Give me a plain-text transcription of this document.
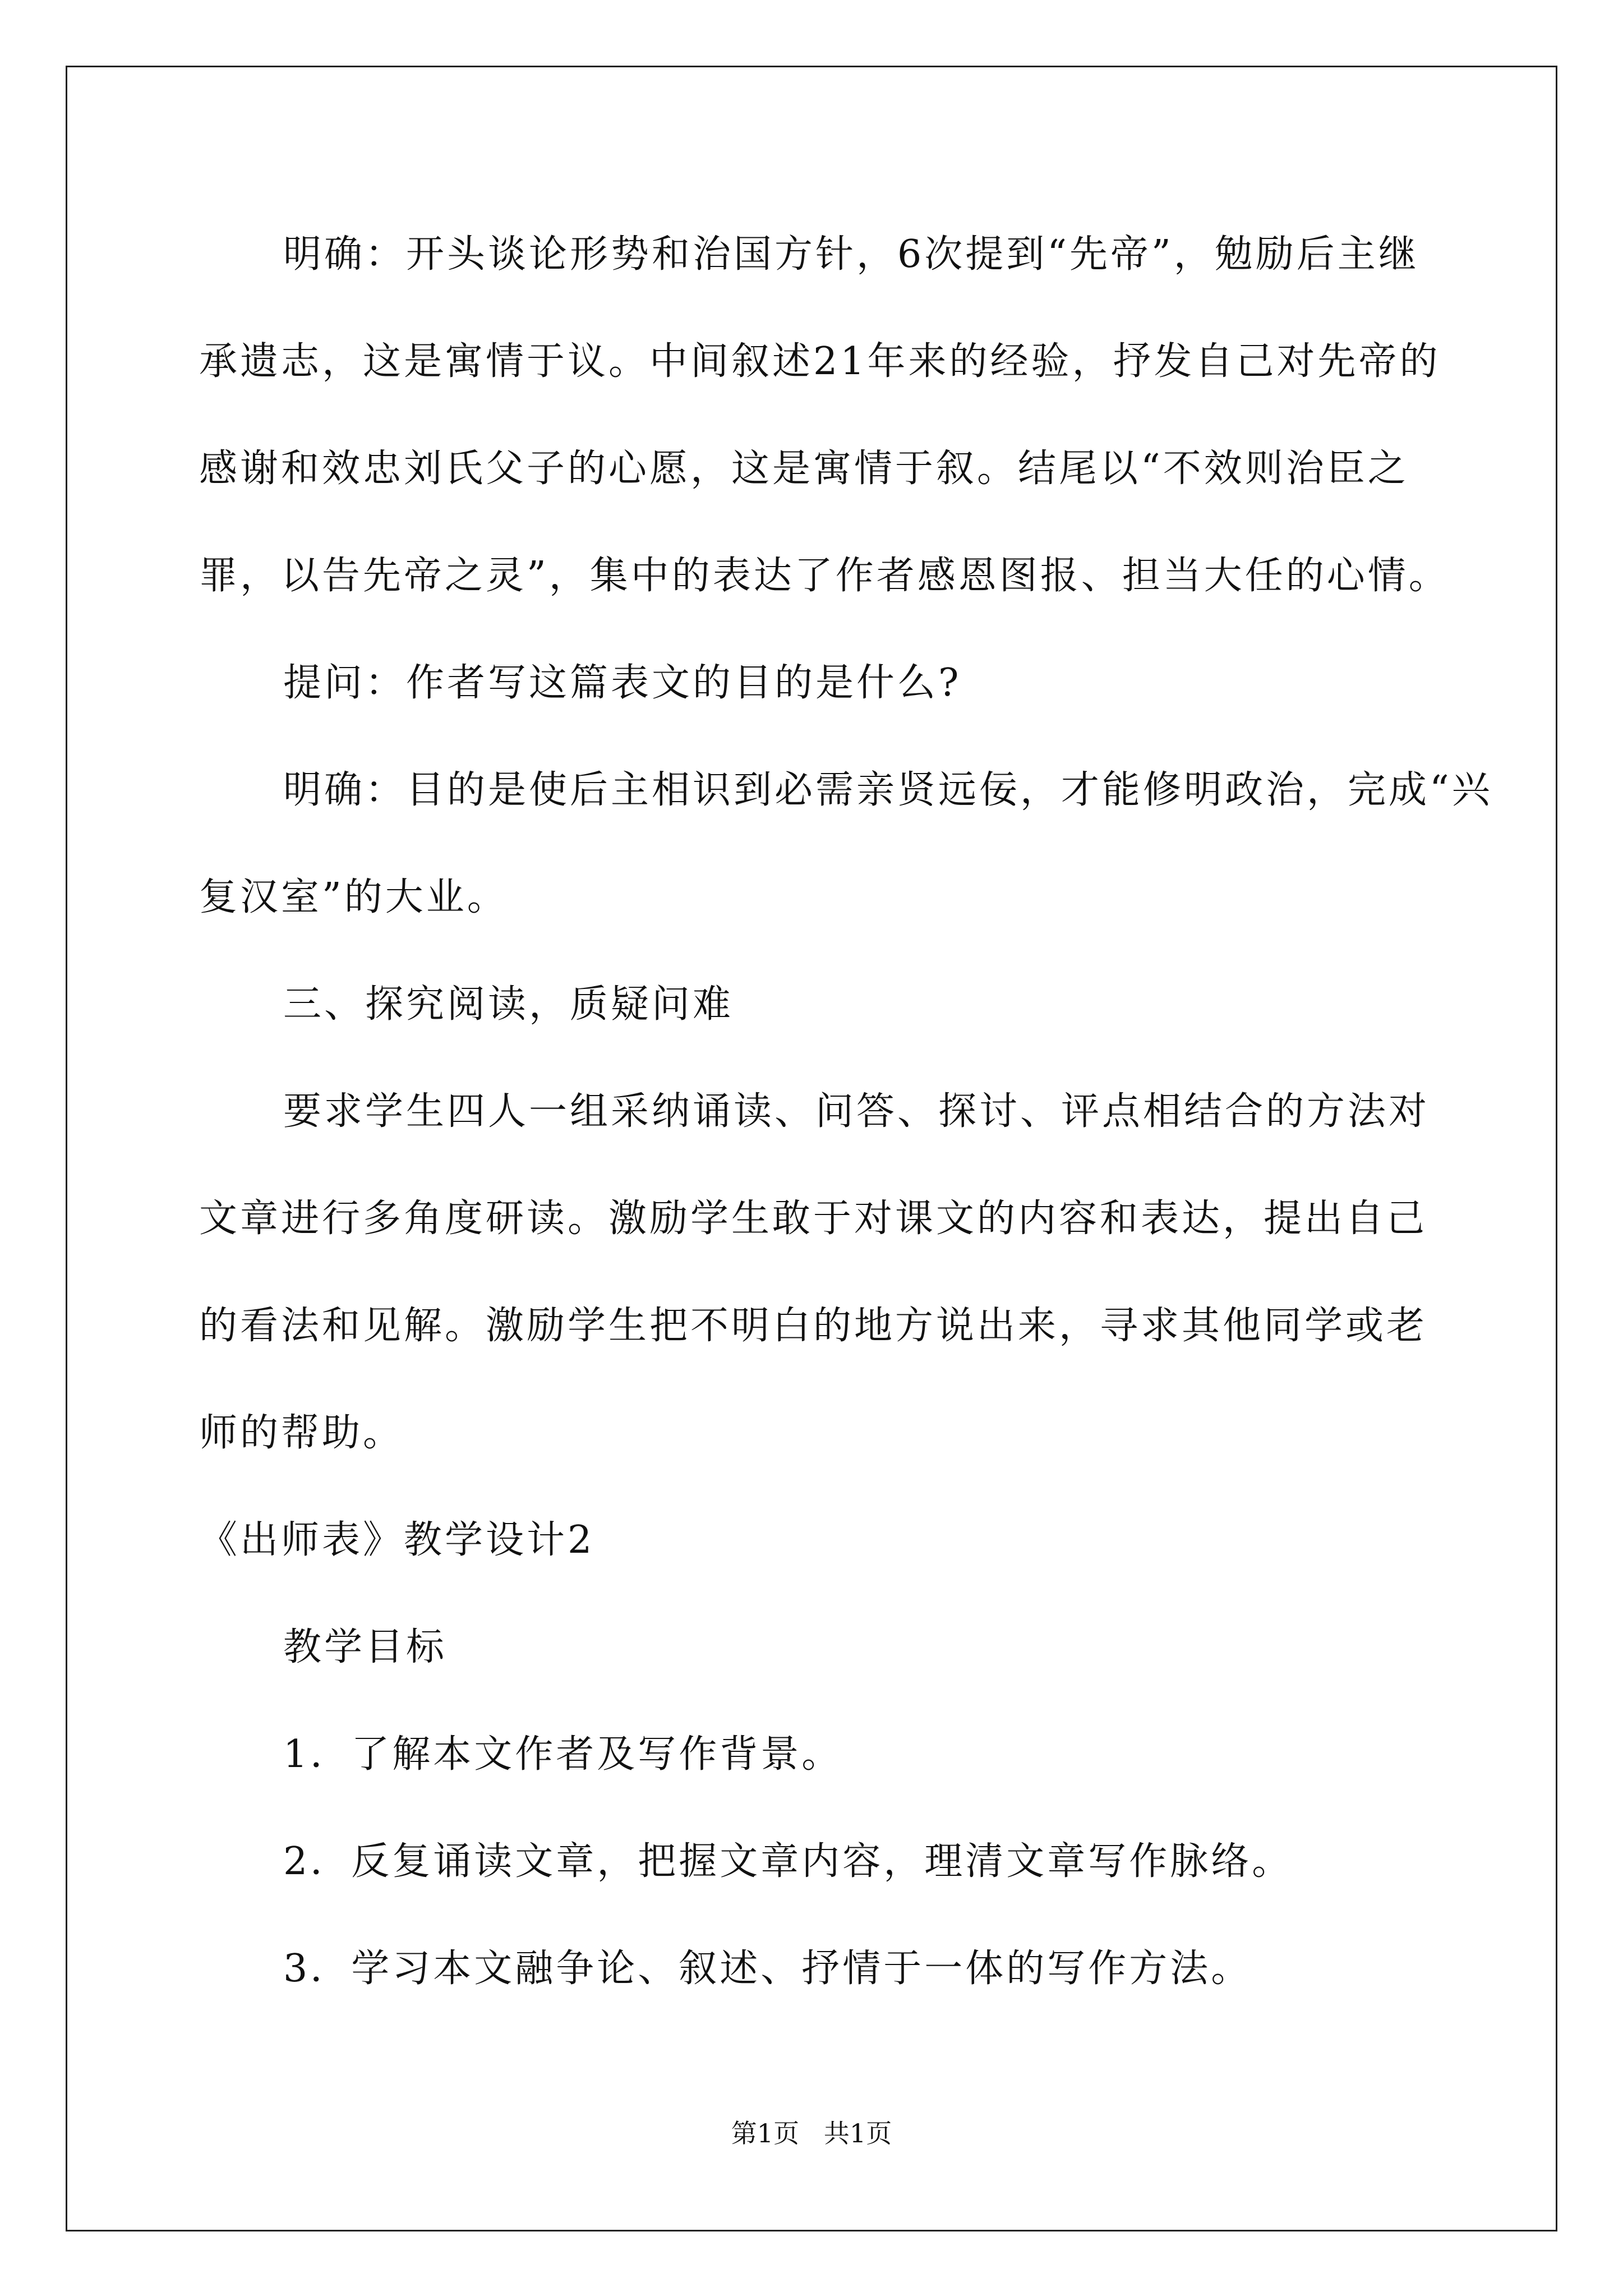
明确：开头谈论形势和治国方针，6次提到“先帝”，勉励后主继

承遗志，这是寓情于议。中间叙述21年来的经验，抒发自己对先帝的

感谢和效忠刘氏父子的心愿，这是寓情于叙。结尾以“不效则治臣之

罪，以告先帝之灵”，集中的表达了作者感恩图报、担当大任的心情。

提问：作者写这篇表文的目的是什么?

明确：目的是使后主相识到必需亲贤远佞，才能修明政治，完成“兴

复汉室”的大业。

三、探究阅读，质疑问难

要求学生四人一组采纳诵读、问答、探讨、评点相结合的方法对

文章进行多角度研读。激励学生敢于对课文的内容和表达，提出自己

的看法和见解。激励学生把不明白的地方说出来，寻求其他同学或老

师的帮助。

《出师表》教学设计2

教学目标

1．了解本文作者及写作背景。

2．反复诵读文章，把握文章内容，理清文章写作脉络。

3．学习本文融争论、叙述、抒情于一体的写作方法。

第1页   共1页
